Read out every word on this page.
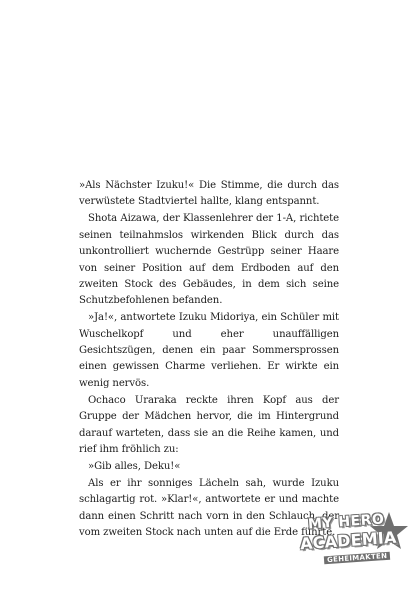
»Als Nächster Izuku!« Die Stimme, die durch das verwüstete Stadtviertel hallte, klang entspannt.

Shota Aizawa, der Klassenlehrer der 1-A, richtete seinen teilnahmslos wirkenden Blick durch das unkontrolliert wuchernde Gestrüpp seiner Haare von seiner Position auf dem Erdboden auf den zweiten Stock des Gebäudes, in dem sich seine Schutzbefohlenen befanden.

»Ja!«, antwortete Izuku Midoriya, ein Schüler mit Wuschelkopf und eher unauffälligen Gesichtszügen, denen ein paar Sommersprossen einen gewissen Charme verliehen. Er wirkte ein wenig nervös.

Ochaco Uraraka reckte ihren Kopf aus der Gruppe der Mädchen hervor, die im Hintergrund darauf warteten, dass sie an die Reihe kamen, und rief ihm fröhlich zu:

»Gib alles, Deku!«

Als er ihr sonniges Lächeln sah, wurde Izuku schlagartig rot. »Klar!«, antwortete er und machte dann einen Schritt nach vorn in den Schlauch, der vom zweiten Stock nach unten auf die Erde führte.

MY HERO
ACADEMIA
GEHEIMAKTEN
